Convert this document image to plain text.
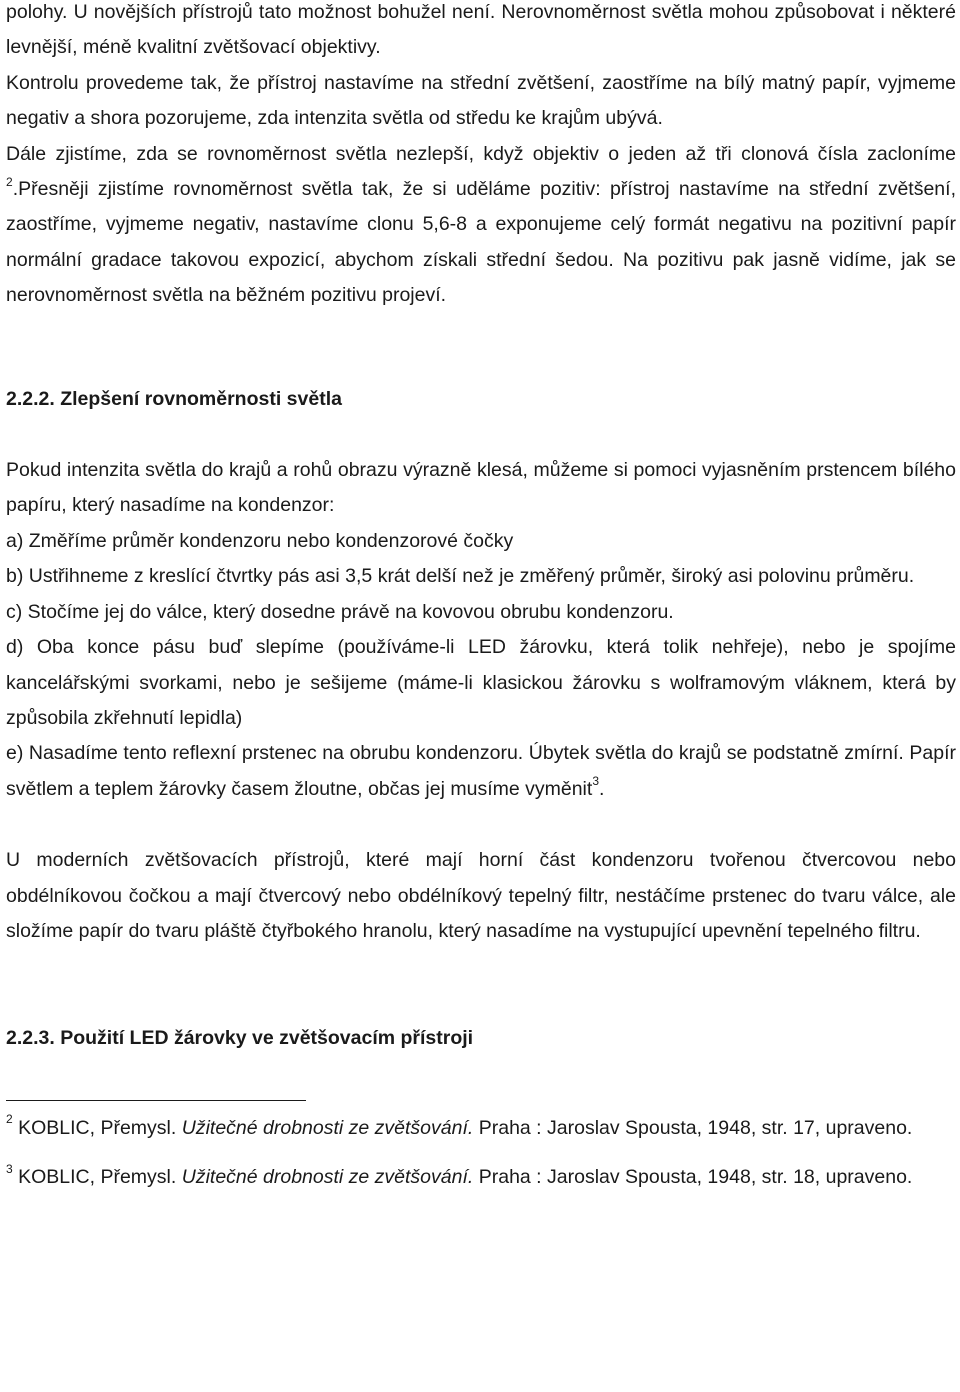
polohy. U novějších přístrojů tato možnost bohužel není. Nerovnoměrnost světla mohou způsobovat i některé levnější, méně kvalitní zvětšovací objektivy.

Kontrolu provedeme tak, že přístroj nastavíme na střední zvětšení, zaostříme na bílý matný papír, vyjmeme negativ a shora pozorujeme, zda intenzita světla od středu ke krajům ubývá.

Dále zjistíme, zda se rovnoměrnost světla nezlepší, když objektiv o jeden až tři clonová čísla zacloníme $^2$.Přesněji zjistíme rovnoměrnost světla tak, že si uděláme pozitiv: přístroj nastavíme na střední zvětšení, zaostříme, vyjmeme negativ, nastavíme clonu 5,6-8 a exponujeme celý formát negativu na pozitivní papír normální gradace takovou expozicí, abychom získali střední šedou. Na pozitivu pak jasně vidíme, jak se nerovnoměrnost světla na běžném pozitivu projeví.

2.2.2. Zlepšení rovnoměrnosti světla

Pokud intenzita světla do krajů a rohů obrazu výrazně klesá, můžeme si pomoci vyjasněním prstencem bílého papíru, který nasadíme na kondenzor:

a) Změříme průměr kondenzoru nebo kondenzorové čočky

b) Ustřihneme z kreslící čtvrtky pás asi 3,5 krát delší než je změřený průměr, široký asi polovinu průměru.

c) Stočíme jej do válce, který dosedne právě na kovovou obrubu kondenzoru.

d) Oba konce pásu buď slepíme (používáme-li LED žárovku, která tolik nehřeje), nebo je spojíme kancelářskými svorkami, nebo je sešijeme (máme-li klasickou žárovku s wolframovým vláknem, která by způsobila zkřehnutí lepidla)

e) Nasadíme tento reflexní prstenec na obrubu kondenzoru. Úbytek světla do krajů se podstatně zmírní. Papír světlem a teplem žárovky časem žloutne, občas jej musíme vyměnit$^3$.

U moderních zvětšovacích přístrojů, které mají horní část kondenzoru tvořenou čtvercovou nebo obdélníkovou čočkou a mají čtvercový nebo obdélníkový tepelný filtr, nestáčíme prstenec do tvaru válce, ale složíme papír do tvaru pláště čtyřbokého hranolu, který nasadíme na vystupující upevnění tepelného filtru.

2.2.3. Použití LED žárovky ve zvětšovacím přístroji

$^2$ KOBLIC, Přemysl. Užitečné drobnosti ze zvětšování. Praha : Jaroslav Spousta, 1948, str. 17, upraveno.

$^3$ KOBLIC, Přemysl. Užitečné drobnosti ze zvětšování. Praha : Jaroslav Spousta, 1948, str. 18, upraveno.
